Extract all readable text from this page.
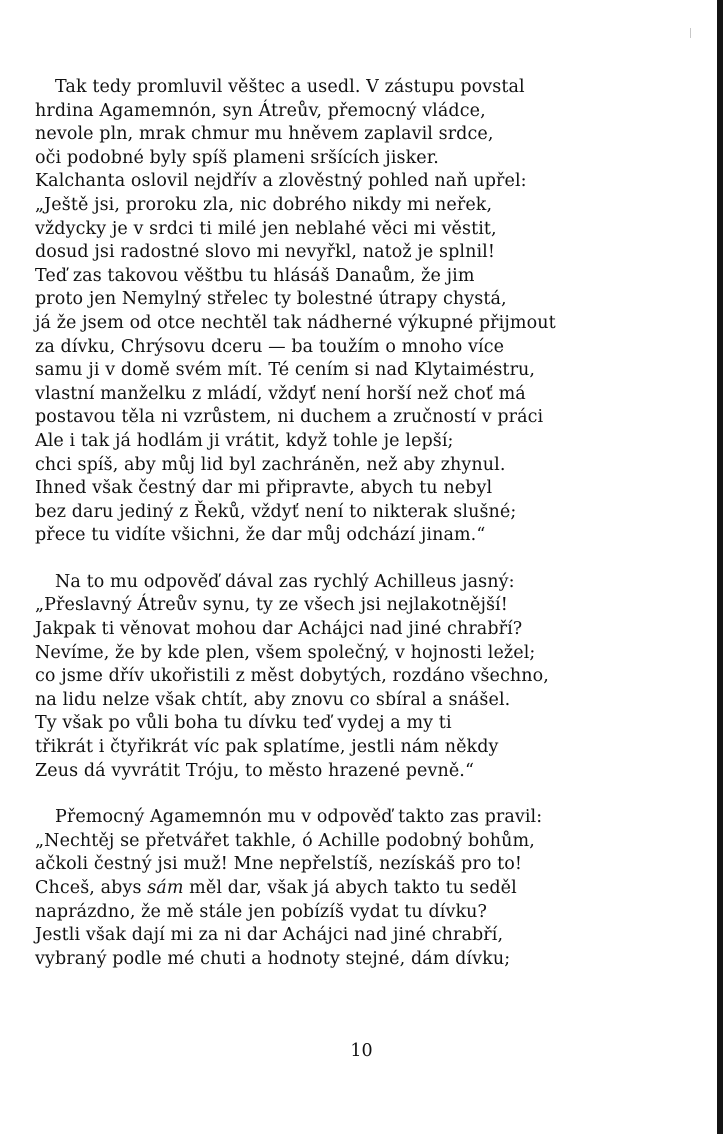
Tak tedy promluvil věštec a usedl. V zástupu povstal
hrdina Agamemnón, syn Átreův, přemocný vládce,
nevole pln, mrak chmur mu hněvem zaplavil srdce,
oči podobné byly spíš plameni sršících jisker.
Kalchanta oslovil nejdřív a zlověstný pohled naň upřel:
„Ještě jsi, proroku zla, nic dobrého nikdy mi neřek,
vždycky je v srdci ti milé jen neblahé věci mi věstit,
dosud jsi radostné slovo mi nevyřkl, natož je splnil!
Teď zas takovou věštbu tu hlásáš Danaům, že jim
proto jen Nemylný střelec ty bolestné útrapy chystá,
já že jsem od otce nechtěl tak nádherné výkupné přijmout
za dívku, Chrýsovu dceru — ba toužím o mnoho více
samu ji v domě svém mít. Té cením si nad Klytaiméstru,
vlastní manželku z mládí, vždyť není horší než choť má
postavou těla ni vzrůstem, ni duchem a zručností v práci
Ale i tak já hodlám ji vrátit, když tohle je lepší;
chci spíš, aby můj lid byl zachráněn, než aby zhynul.
Ihned však čestný dar mi připravte, abych tu nebyl
bez daru jediný z Řeků, vždyť není to nikterak slušné;
přece tu vidíte všichni, že dar můj odchází jinam.“

Na to mu odpověď dával zas rychlý Achilleus jasný:
„Přeslavný Átreův synu, ty ze všech jsi nejlakotnější!
Jakpak ti věnovat mohou dar Achájci nad jiné chrabří?
Nevíme, že by kde plen, všem společný, v hojnosti ležel;
co jsme dřív ukořistili z měst dobytých, rozdáno všechno,
na lidu nelze však chtít, aby znovu co sbíral a snášel.
Ty však po vůli boha tu dívku teď vydej a my ti
třikrát i čtyřikrát víc pak splatíme, jestli nám někdy
Zeus dá vyvrátit Tróju, to město hrazené pevně.“

Přemocný Agamemnón mu v odpověď takto zas pravil:
„Nechtěj se přetvářet takhle, ó Achille podobný bohům,
ačkoli čestný jsi muž! Mne nepřelstíš, nezískáš pro to!
Chceš, abys sám měl dar, však já abych takto tu seděl
naprázdno, že mě stále jen pobízíš vydat tu dívku?
Jestli však dají mi za ni dar Achájci nad jiné chrabří,
vybraný podle mé chuti a hodnoty stejné, dám dívku;

10
